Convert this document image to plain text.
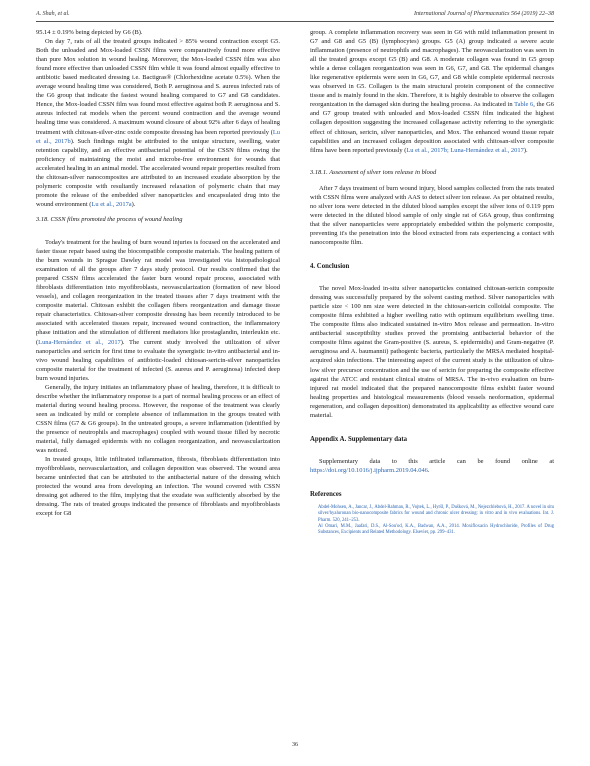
A. Shah, et al.	International Journal of Pharmaceutics 564 (2019) 22–38

95.14 ± 0.19% being depicted by G6 (B).

On day 7, rats of all the treated groups indicated > 85% wound contraction except G5. Both the unloaded and Mox-loaded CSSN films were comparatively found more effective than pure Mox solution in wound healing. Moreover, the Mox-loaded CSSN film was also found more effective than unloaded CSSN film while it was found almost equally effective to antibiotic based medicated dressing i.e. Bactigras® (Chlorhexidine acetate 0.5%). When the average wound healing time was considered, Both P. aeruginosa and S. aureus infected rats of the G6 group that indicate the fastest wound healing compared to G7 and G8 candidates. Hence, the Mox-loaded CSSN film was found most effective against both P. aeruginosa and S. aureus infected rat models when the percent wound contraction and the average wound healing time was considered. A maximum wound closure of about 92% after 6 days of healing treatment with chitosan-silver-zinc oxide composite dressing has been reported previously (Lu et al., 2017b). Such findings might be attributed to the unique structure, swelling, water retention capability, and an effective antibacterial potential of the CSSN films owing the proficiency of maintaining the moist and microbe-free environment for wounds that accelerated healing in an animal model. The accelerated wound repair properties resulted from the chitosan-silver nanocomposites are attributed to an increased exudate absorption by the polymeric composite with resultantly increased relaxation of polymeric chain that may promote the release of the embedded silver nanoparticles and encapsulated drug into the wound environment (Lu et al., 2017a).

3.18. CSSN films promoted the process of wound healing

Today's treatment for the healing of burn wound injuries is focused on the accelerated and faster tissue repair based using the biocompatible composite materials. The healing pattern of the burn wounds in Sprague Dawley rat model was investigated via histopathological examination of all the groups after 7 days study protocol. Our results confirmed that the prepared CSSN films accelerated the faster burn wound repair process, associated with fibroblasts differentiation into myofibroblasts, neovascularization (formation of new blood vessels), and collagen reorganization in the treated tissues after 7 days treatment with the composite material. Chitosan exhibit the collagen fibers reorganization and damage tissue repair characteristics. Chitosan-silver composite dressing has been recently introduced to be associated with accelerated tissues repair, increased wound contraction, the inflammatory phase initiation and the stimulation of different mediators like prostaglandin, interleukin etc. (Luna-Hernández et al., 2017). The current study involved the utilization of silver nanoparticles and sericin for first time to evaluate the synergistic in-vitro antibacterial and in-vivo wound healing capabilities of antibiotic-loaded chitosan-sericin-silver nanoparticles composite material for the treatment of infected (S. aureus and P. aeruginosa) infected deep burn wound injuries.

Generally, the injury initiates an inflammatory phase of healing, therefore, it is difficult to describe whether the inflammatory response is a part of normal healing process or an effect of material during wound healing process. However, the response of the treatment was clearly seen as indicated by mild or complete absence of inflammation in the groups treated with CSSN films (G7 & G6 groups). In the untreated groups, a severe inflammation (identified by the presence of neutrophils and macrophages) coupled with wound tissue filled by necrotic material, fully damaged epidermis with no collagen reorganization, and neovascularization was noticed.

In treated groups, little infiltrated inflammation, fibrosis, fibroblasts differentiation into myofibroblasts, neovascularization, and collagen deposition was observed. The wound area became uninfected that can be attributed to the antibacterial nature of the dressing which protected the wound area from developing an infection. The wound covered with CSSN dressing got adhered to the film, implying that the exudate was sufficiently absorbed by the dressing. The rats of treated groups indicated the presence of fibroblasts and myofibroblasts except for G8

group. A complete inflammation recovery was seen in G6 with mild inflammation present in G7 and G8 and G5 (B) (lymphocytes) groups. G5 (A) group indicated a severe acute inflammation (presence of neutrophils and macrophages). The neovascularization was seen in all the treated groups except G5 (B) and G8. A moderate collagen was found in G5 group while a dense collagen reorganization was seen in G6, G7, and G8. The epidermal changes like regenerative epidermis were seen in G6, G7, and G8 while complete epidermal necrosis was observed in G5. Collagen is the main structural protein component of the connective tissue and is mainly found in the skin. Therefore, it is highly desirable to observe the collagen reorganization in the damaged skin during the healing process. As indicated in Table 6, the G6 and G7 group treated with unloaded and Mox-loaded CSSN film indicated the highest collagen deposition suggesting the increased collagenase activity referring to the synergistic effect of chitosan, sericin, silver nanoparticles, and Mox. The enhanced wound tissue repair capabilities and an increased collagen deposition associated with chitosan-silver composite films have been reported previously (Lu et al., 2017b; Luna-Hernández et al., 2017).

3.18.1. Assessment of silver ions release in blood

After 7 days treatment of burn wound injury, blood samples collected from the rats treated with CSSN films were analyzed with AAS to detect silver ion release. As per obtained results, no silver ions were detected in the diluted blood samples except the silver ions of 0.119 ppm were detected in the diluted blood sample of only single rat of G6A group, thus confirming that the silver nanoparticles were appropriately embedded within the polymeric composite, preventing it's the penetration into the blood extracted from rats experiencing a contact with nanocomposite film.

4. Conclusion

The novel Mox-loaded in-situ silver nanoparticles contained chitosan-sericin composite dressing was successfully prepared by the solvent casting method. Silver nanoparticles with particle size < 100 nm size were detected in the chitosan-sericin colloidal composite. The composite films exhibited a higher swelling ratio with optimum equilibrium swelling time. The composite films also indicated sustained in-vitro Mox release and permeation. In-vitro antibacterial susceptibility studies proved the promising antibacterial behavior of the composite films against the Gram-positive (S. aureus, S. epidermidis) and Gram-negative (P. aeruginosa and A. baumannii) pathogenic bacteria, particularly the MRSA mediated hospital-acquired skin infections. The interesting aspect of the current study is the utilization of ultra-low silver precursor concentration and the use of sericin for preparing the composite effective against the ATCC and resistant clinical strains of MRSA. The in-vivo evaluation on burn-injured rat model indicated that the prepared nanocomposite films exhibit faster wound healing properties and histological measurements (blood vessels neoformation, epidermal regeneration, and collagen deposition) demonstrated its applicability as effective wound care material.

Appendix A. Supplementary data

Supplementary data to this article can be found online at https://doi.org/10.1016/j.ijpharm.2019.04.046.

References

Abdel-Mohsen, A., Jancar, J., Abdel-Rahman, R., Vojtek, L., Hyršl, P., Dušková, M., Nejezchlebová, H., 2017. A novel in situ silver/hyaluronan bio-nanocomposite fabrics for wound and chronic ulcer dressing: in vitro and in vivo evaluations. Int. J. Pharm. 520, 241–253.

Al Omari, M.M., Jaafari, D.S., Al-Sou'od, K.A., Badwan, A.A., 2014. Moxifloxacin Hydrochloride, Profiles of Drug Substances, Excipients and Related Methodology. Elsevier, pp. 299–431.

36
